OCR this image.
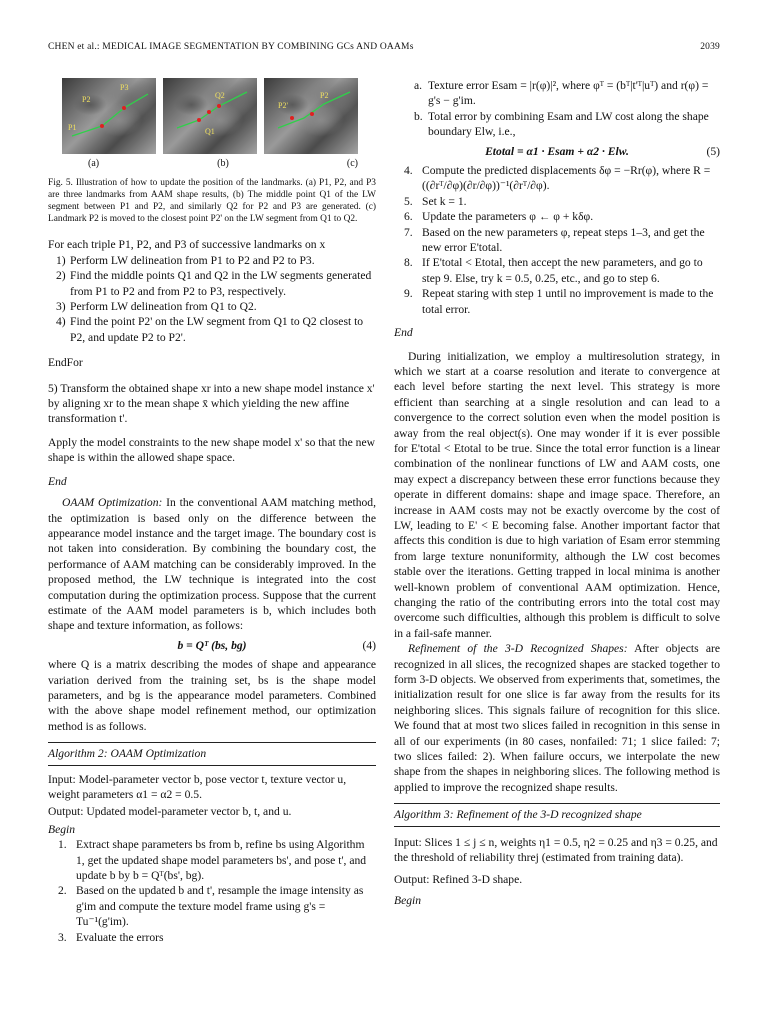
CHEN et al.: MEDICAL IMAGE SEGMENTATION BY COMBINING GCs AND OAAMs	2039
P1
P2
P3
Q2
Q1
P2'
P2
(a)	(b)	(c)

Fig. 5. Illustration of how to update the position of the landmarks. (a) P1, P2, and P3 are three landmarks from AAM shape results, (b) The middle point Q1 of the LW segment between P1 and P2, and similarly Q2 for P2 and P3 are generated. (c) Landmark P2 is moved to the closest point P2' on the LW segment from Q1 to Q2.

For each triple P1, P2, and P3 of successive landmarks on x

1) Perform LW delineation from P1 to P2 and P2 to P3.
2) Find the middle points Q1 and Q2 in the LW segments generated from P1 to P2 and from P2 to P3, respectively.
3) Perform LW delineation from Q1 to Q2.
4) Find the point P2' on the LW segment from Q1 to Q2 closest to P2, and update P2 to P2'.

EndFor

5) Transform the obtained shape xr into a new shape model instance x' by aligning xr to the mean shape x̄ which yielding the new affine transformation t'.

Apply the model constraints to the new shape model x' so that the new shape is within the allowed shape space.

End

OAAM Optimization: In the conventional AAM matching method, the optimization is based only on the difference between the appearance model instance and the target image. The boundary cost is not taken into consideration. By combining the boundary cost, the performance of AAM matching can be considerably improved. In the proposed method, the LW technique is integrated into the cost computation during the optimization process. Suppose that the current estimate of the AAM model parameters is b, which includes both shape and texture information, as follows:

b = Qᵀ (bs, bg)	(4)

where Q is a matrix describing the modes of shape and appearance variation derived from the training set, bs is the shape model parameters, and bg is the appearance model parameters. Combined with the above shape model refinement method, our optimization method is as follows.

Algorithm 2: OAAM Optimization

Input: Model-parameter vector b, pose vector t, texture vector u, weight parameters α1 = α2 = 0.5.

Output: Updated model-parameter vector b, t, and u.

Begin

1. Extract shape parameters bs from b, refine bs using Algorithm 1, get the updated shape model parameters bs', and pose t', and update b by b = Qᵀ(bs', bg).
2. Based on the updated b and t', resample the image intensity as g'im and compute the texture model frame using g's = Tu⁻¹(g'im).
3. Evaluate the errors
a. Texture error Esam = |r(φ)|², where φᵀ = (bᵀ|t'ᵀ|uᵀ) and r(φ) = g's − g'im.
b. Total error by combining Esam and LW cost along the shape boundary Elw, i.e.,
Etotal = α1 · Esam + α2 · Elw.	(5)
4. Compute the predicted displacements δφ = −Rr(φ), where R = ((∂rᵀ/∂φ)(∂r/∂φ))⁻¹(∂rᵀ/∂φ).
5. Set k = 1.
6. Update the parameters φ ← φ + kδφ.
7. Based on the new parameters φ, repeat steps 1–3, and get the new error E'total.
8. If E'total < Etotal, then accept the new parameters, and go to step 9. Else, try k = 0.5, 0.25, etc., and go to step 6.
9. Repeat staring with step 1 until no improvement is made to the total error.

End

During initialization, we employ a multiresolution strategy, in which we start at a coarse resolution and iterate to convergence at each level before starting the next level. This strategy is more efficient than searching at a single resolution and can lead to a convergence to the correct solution even when the model position is away from the real object(s). One may wonder if it is ever possible for E'total < Etotal to be true. Since the total error function is a linear combination of the nonlinear functions of LW and AAM costs, one may expect a discrepancy between these error functions because they operate in different domains: shape and image space. Therefore, an increase in AAM costs may not be exactly overcome by the cost of LW, leading to E' < E becoming false. Another important factor that affects this condition is due to high variation of Esam error stemming from large texture nonuniformity, although the LW cost becomes stable over the iterations. Getting trapped in local minima is another well-known problem of conventional AAM optimization. Hence, changing the ratio of the contributing errors into the total cost may overcome such difficulties, although this problem is difficult to solve in a fail-safe manner.

Refinement of the 3-D Recognized Shapes: After objects are recognized in all slices, the recognized shapes are stacked together to form 3-D objects. We observed from experiments that, sometimes, the initialization result for one slice is far away from the results for its neighboring slices. This signals failure of recognition for this slice. We found that at most two slices failed in recognition in this sense in all of our experiments (in 80 cases, nonfailed: 71; 1 slice failed: 7; two slices failed: 2). When failure occurs, we interpolate the new shape from the shapes in neighboring slices. The following method is applied to improve the recognized shape results.

Algorithm 3: Refinement of the 3-D recognized shape

Input: Slices 1 ≤ j ≤ n, weights η1 = 0.5, η2 = 0.25 and η3 = 0.25, and the threshold of reliability threj (estimated from training data).

Output: Refined 3-D shape.

Begin
